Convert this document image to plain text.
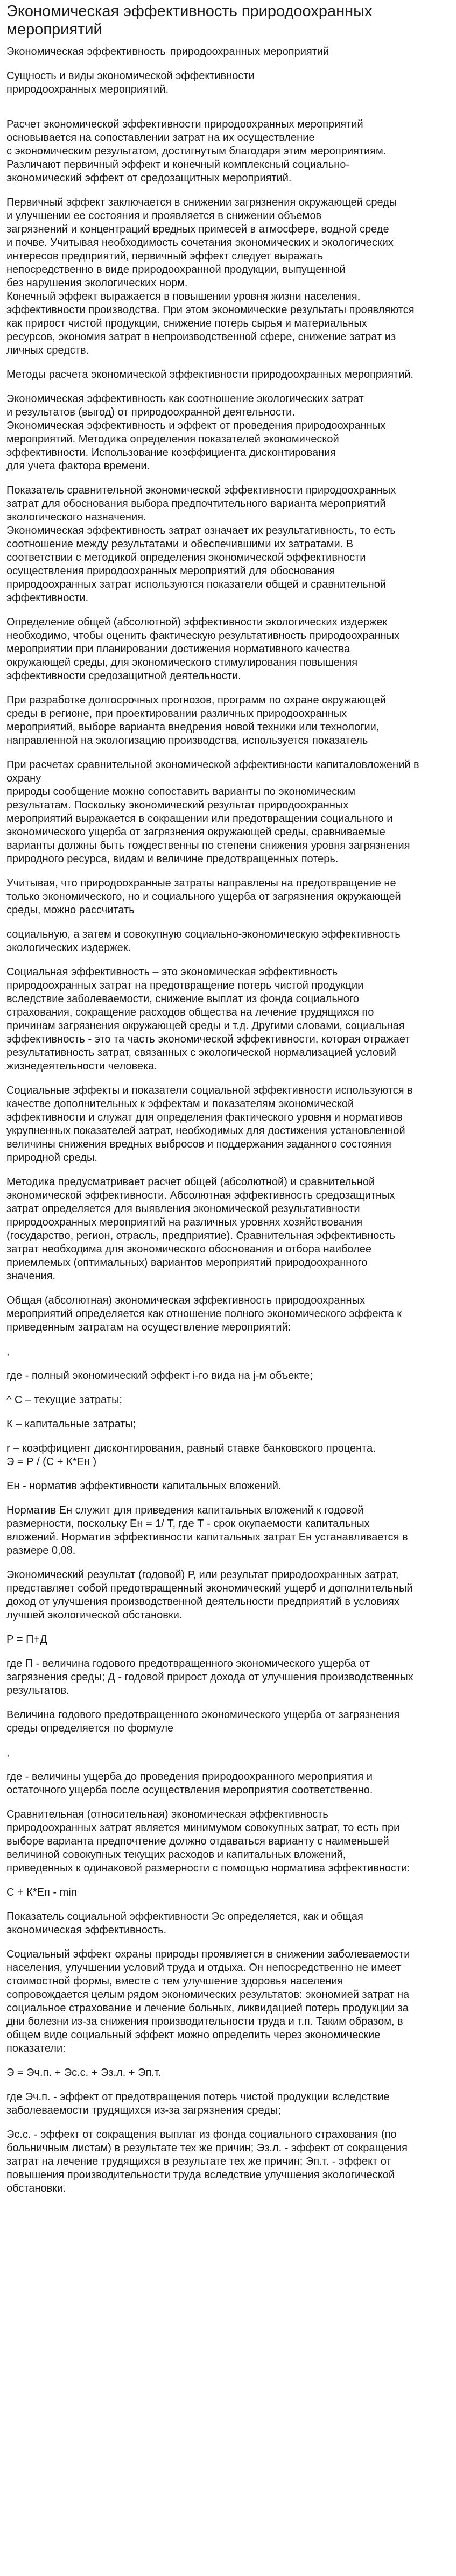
Экономическая эффективность природоохранных мероприятий
Экономическая эффективность природоохранных мероприятий

Сущность и виды экономической эффективности
природоохранных мероприятий.

Расчет экономической эффективности природоохранных мероприятий
основывается на сопоставлении затрат на их осуществление
с экономическим результатом, достигнутым благодаря этим мероприятиям.
Различают первичный эффект и конечный комплексный социально-
экономический эффект от средозащитных мероприятий.

Первичный эффект заключается в снижении загрязнения окружающей среды
и улучшении ее состояния и проявляется в снижении объемов
загрязнений и концентраций вредных примесей в атмосфере, водной среде
и почве. Учитывая необходимость сочетания экономических и экологических
интересов предприятий, первичный эффект следует выражать
непосредственно в виде природоохранной продукции, выпущенной
без нарушения экологических норм.
Конечный эффект выражается в повышении уровня жизни населения,
эффективности производства. При этом экономические результаты проявляются
как прирост чистой продукции, снижение потерь сырья и материальных
ресурсов, экономия затрат в непроизводственной сфере, снижение затрат из
личных средств.

Методы расчета экономической эффективности природоохранных мероприятий.

Экономическая эффективность как соотношение экологических затрат
и результатов (выгод) от природоохранной деятельности.
Экономическая эффективность и эффект от проведения природоохранных
мероприятий. Методика определения показателей экономической
эффективности. Использование коэффициента дисконтирования
для учета фактора времени.

Показатель сравнительной экономической эффективности природоохранных
затрат для обоснования выбора предпочтительного варианта мероприятий
экологического назначения.
Экономическая эффективность затрат означает их результативность, то есть
соотношение между результатами и обеспечившими их затратами. В
соответствии с методикой определения экономической эффективности
осуществления природоохранных мероприятий для обоснования
природоохранных затрат используются показатели общей и сравнительной
эффективности.

Определение общей (абсолютной) эффективности экологических издержек
необходимо, чтобы оценить фактическую результативность природоохранных
мероприятии при планировании достижения нормативного качества
окружающей среды, для экономического стимулирования повышения
эффективности средозащитной деятельности.

При разработке долгосрочных прогнозов, программ по охране окружающей
среды в регионе, при проектировании различных природоохранных
мероприятий, выборе варианта внедрения новой техники или технологии,
направленной на экологизацию производства, используется показатель

При расчетах сравнительной экономической эффективности капиталовложений в охрану
природы сообщение можно сопоставить варианты по экономическим
результатам. Поскольку экономический результат природоохранных
мероприятий выражается в сокращении или предотвращении социального и
экономического ущерба от загрязнения окружающей среды, сравниваемые
варианты должны быть тождественны по степени снижения уровня загрязнения
природного ресурса, видам и величине предотвращенных потерь.

Учитывая, что природоохранные затраты направлены на предотвращение не
только экономического, но и социального ущерба от загрязнения окружающей
среды, можно рассчитать

социальную, а затем и совокупную социально-экономическую эффективность
экологических издержек.

Социальная эффективность – это экономическая эффективность
природоохранных затрат на предотвращение потерь чистой продукции
вследствие заболеваемости, снижение выплат из фонда социального
страхования, сокращение расходов общества на лечение трудящихся по
причинам загрязнения окружающей среды и т.д. Другими словами, социальная
эффективность - это та часть экономической эффективности, которая отражает
результативность затрат, связанных с экологической нормализацией условий
жизнедеятельности человека.

Социальные эффекты и показатели социальной эффективности используются в
качестве дополнительных к эффектам и показателям экономической
эффективности и служат для определения фактического уровня и нормативов
укрупненных показателей затрат, необходимых для достижения установленной
величины снижения вредных выбросов и поддержания заданного состояния
природной среды.

Методика предусматривает расчет общей (абсолютной) и сравнительной
экономической эффективности. Абсолютная эффективность средозащитных
затрат определяется для выявления экономической результативности
природоохранных мероприятий на различных уровнях хозяйствования
(государство, регион, отрасль, предприятие). Сравнительная эффективность
затрат необходима для экономического обоснования и отбора наиболее
приемлемых (оптимальных) вариантов мероприятий природоохранного
значения.

Общая (абсолютная) экономическая эффективность природоохранных
мероприятий определяется как отношение полного экономического эффекта к
приведенным затратам на осуществление мероприятий:

,

где - полный экономический эффект i-го вида на j-м объекте;

^ С – текущие затраты;

К – капитальные затраты;

r – коэффициент дисконтирования, равный ставке банковского процента.
Э = Р / (С + К*Ен )

Ен - норматив эффективности капитальных вложений.

Норматив Ен служит для приведения капитальных вложений к годовой
размерности, поскольку Ен = 1/ Т, где Т - срок окупаемости капитальных
вложений. Норматив эффективности капитальных затрат Ен устанавливается в
размере 0,08.

Экономический результат (годовой) Р, или результат природоохранных затрат,
представляет собой предотвращенный экономический ущерб и дополнительный
доход от улучшения производственной деятельности предприятий в условиях
лучшей экологической обстановки.

Р = П+Д

где П - величина годового предотвращенного экономического ущерба от
загрязнения среды; Д - годовой прирост дохода от улучшения производственных
результатов.

Величина годового предотвращенного экономического ущерба от загрязнения
среды определяется по формуле

,

где - величины ущерба до проведения природоохранного мероприятия и
остаточного ущерба после осуществления мероприятия соответственно.

Сравнительная (относительная) экономическая эффективность
природоохранных затрат является минимумом совокупных затрат, то есть при
выборе варианта предпочтение должно отдаваться варианту с наименьшей
величиной совокупных текущих расходов и капитальных вложений,
приведенных к одинаковой размерности с помощью норматива эффективности:

С + К*Еп - min

Показатель социальной эффективности Эс определяется, как и общая
экономическая эффективность.

Социальный эффект охраны природы проявляется в снижении заболеваемости
населения, улучшении условий труда и отдыха. Он непосредственно не имеет
стоимостной формы, вместе с тем улучшение здоровья населения
сопровождается целым рядом экономических результатов: экономией затрат на
социальное страхование и лечение больных, ликвидацией потерь продукции за
дни болезни из-за снижения производительности труда и т.п. Таким образом, в
общем виде социальный эффект можно определить через экономические
показатели:

Э = Эч.п. + Эс.с. + Эз.л. + Эп.т.

где Эч.п. - эффект от предотвращения потерь чистой продукции вследствие
заболеваемости трудящихся из-за загрязнения среды;

Эс.с. - эффект от сокращения выплат из фонда социального страхования (по
больничным листам) в результате тех же причин; Эз.л. - эффект от сокращения
затрат на лечение трудящихся в результате тех же причин; Эп.т. - эффект от
повышения производительности труда вследствие улучшения экологической
обстановки.
